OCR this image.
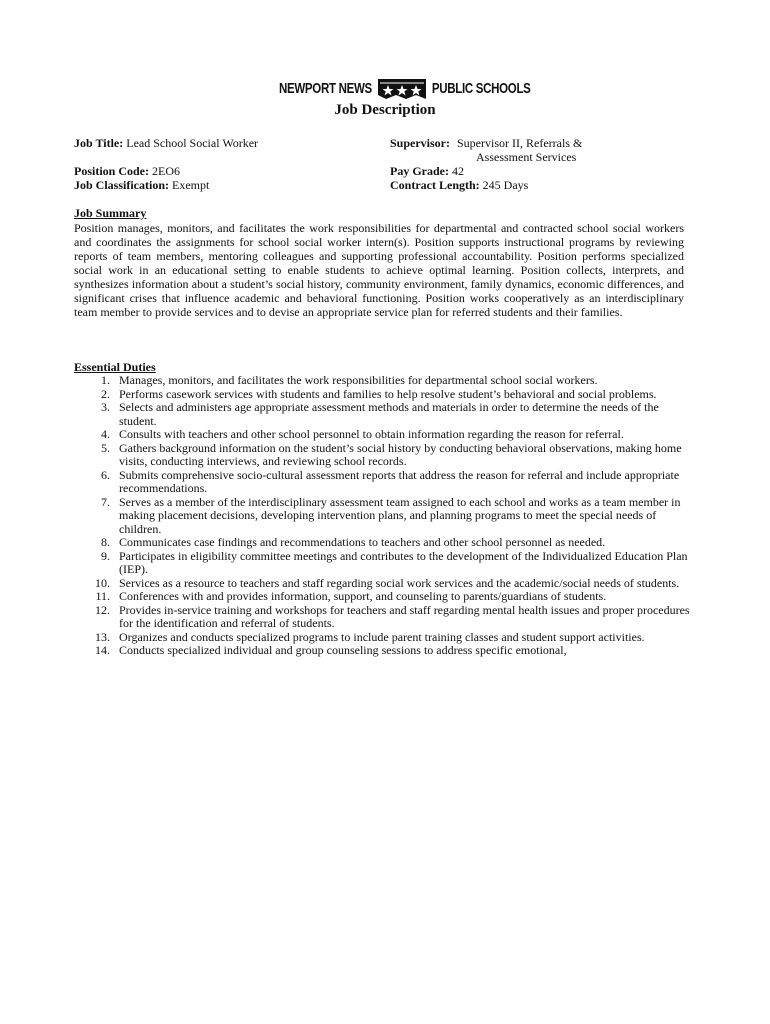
NEWPORT NEWS	PUBLIC SCHOOLS
Job Description
Job Title: Lead School Social Worker	Supervisor: Supervisor II, Referrals &
Assessment Services
Position Code: 2EO6	Pay Grade: 42
Job Classification: Exempt	Contract Length: 245 Days
Job Summary
Position manages, monitors, and facilitates the work responsibilities for departmental and contracted school social workers and coordinates the assignments for school social worker intern(s). Position supports instructional programs by reviewing reports of team members, mentoring colleagues and supporting professional accountability. Position performs specialized social work in an educational setting to enable students to achieve optimal learning. Position collects, interprets, and synthesizes information about a student’s social history, community environment, family dynamics, economic differences, and significant crises that influence academic and behavioral functioning. Position works cooperatively as an interdisciplinary team member to provide services and to devise an appropriate service plan for referred students and their families.
Essential Duties
1. Manages, monitors, and facilitates the work responsibilities for departmental school social workers.
2. Performs casework services with students and families to help resolve student’s behavioral and social problems.
3. Selects and administers age appropriate assessment methods and materials in order to determine the needs of the student.
4. Consults with teachers and other school personnel to obtain information regarding the reason for referral.
5. Gathers background information on the student’s social history by conducting behavioral observations, making home visits, conducting interviews, and reviewing school records.
6. Submits comprehensive socio-cultural assessment reports that address the reason for referral and include appropriate recommendations.
7. Serves as a member of the interdisciplinary assessment team assigned to each school and works as a team member in making placement decisions, developing intervention plans, and planning programs to meet the special needs of children.
8. Communicates case findings and recommendations to teachers and other school personnel as needed.
9. Participates in eligibility committee meetings and contributes to the development of the Individualized Education Plan (IEP).
10. Services as a resource to teachers and staff regarding social work services and the academic/social needs of students.
11. Conferences with and provides information, support, and counseling to parents/guardians of students.
12. Provides in-service training and workshops for teachers and staff regarding mental health issues and proper procedures for the identification and referral of students.
13. Organizes and conducts specialized programs to include parent training classes and student support activities.
14. Conducts specialized individual and group counseling sessions to address specific emotional,
